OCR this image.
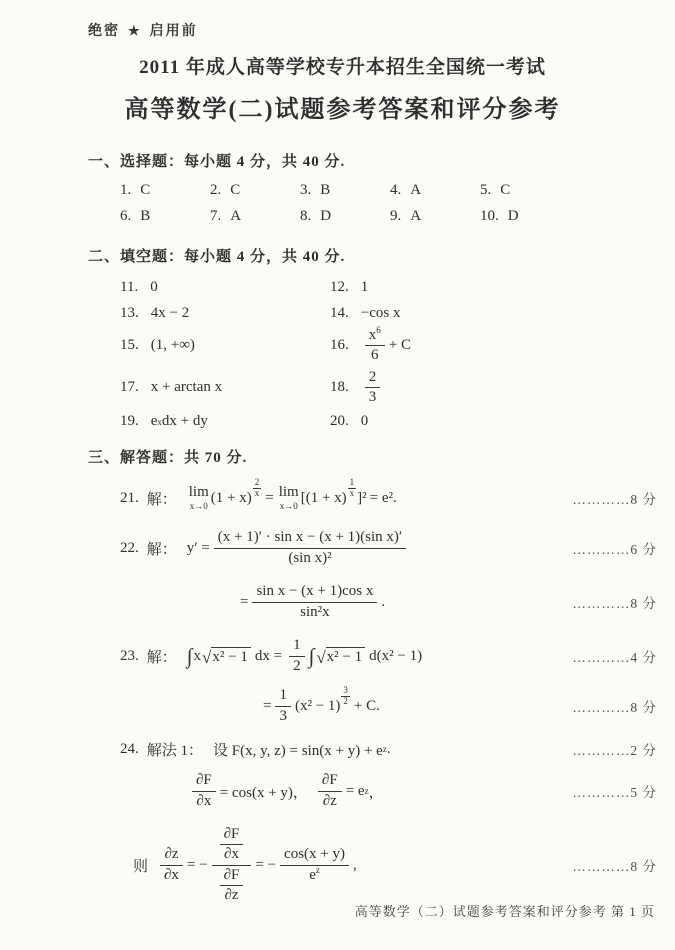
绝密 ★ 启用前
2011 年成人高等学校专升本招生全国统一考试
高等数学(二)试题参考答案和评分参考
一、选择题：每小题 4 分，共 40 分.
1. C	2. C	3. B	4. A	5. C
6. B	7. A	8. D	9. A	10. D
二、填空题：每小题 4 分，共 40 分.
11. 0	12. 1
13. 4x − 2	14. −cos x
15. (1, +∞)	16. $\frac{x^6}{6} + C$
17. x + arctan x	18. $\frac{2}{3}$
19. e x dx + dy	20. 0
三、解答题：共 70 分.
21. 解： lim
x→0
$(1 + x) \frac{2}{x} = \lim$
x→0
$[(1 + x) \frac{1}{x} ]^2 = e^2$.	…………8 分
22. 解： $y' = \frac{\text{(x + 1)′ · sin x − (x + 1)(sin x)′}}{\text{(sin x)²}}$	…………6 分
= $\frac{\text{sin x − (x + 1)cos x}}{\text{sin²x}}$ .	…………8 分
23. 解： ∫ x √ x² − 1 dx = $\frac{1}{2}$ ∫ √ x² − 1 d(x² − 1)	…………4 分
= $\frac{1}{3} (x^2 - 1) \frac{3}{2} + C$.	…………8 分
24. 解法 1： 设 F(x, y, z) = sin(x + y) + e z .	…………2 分
$\frac{\partial F}{\partial x} = \cos(x + y)$， $\frac{\partial F}{\partial z} = e$ z ，	…………5 分
则 $\frac{\partial z}{\partial x}$ = − $\frac{\frac{\partial F}{\partial x}}{\frac{\partial F}{\partial z}}$ = − $\frac{\cos(x + y)}{e^z}$ ,	…………8 分
高等数学（二）试题参考答案和评分参考 第 1 页
